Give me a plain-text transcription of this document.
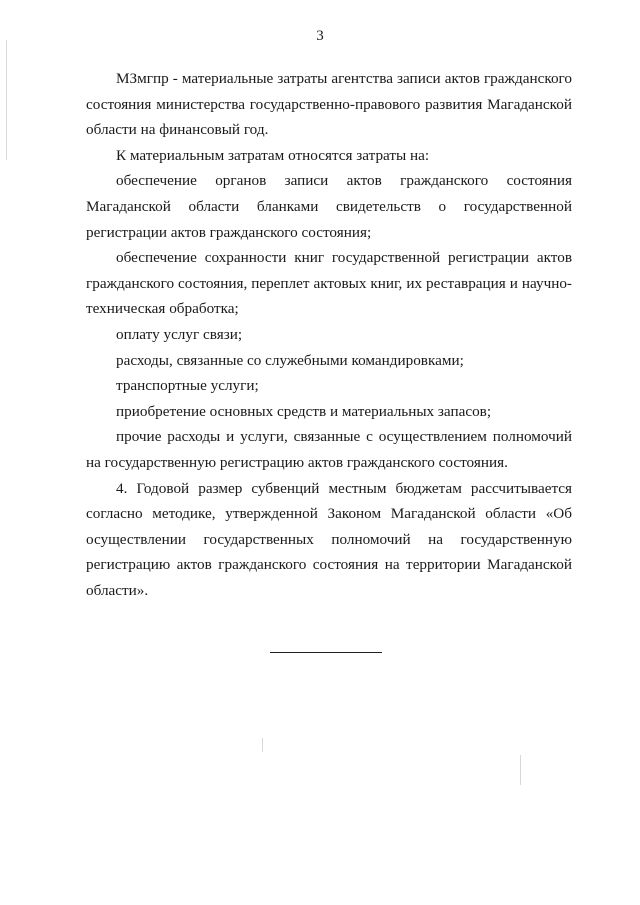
3

МЗмгпр - материальные затраты агентства записи актов гражданского состояния министерства государственно-правового развития Магаданской области на финансовый год.

К материальным затратам относятся затраты на:

обеспечение органов записи актов гражданского состояния Магаданской области бланками свидетельств о государственной регистрации актов гражданского состояния;

обеспечение сохранности книг государственной регистрации актов гражданского состояния, переплет актовых книг, их реставрация и научно-техническая обработка;

оплату услуг связи;

расходы, связанные со служебными командировками;

транспортные услуги;

приобретение основных средств и материальных запасов;

прочие расходы и услуги, связанные с осуществлением полномочий на государственную регистрацию актов гражданского состояния.

4. Годовой размер субвенций местным бюджетам рассчитывается согласно методике, утвержденной Законом Магаданской области «Об осуществлении государственных полномочий на государственную регистрацию актов гражданского состояния на территории Магаданской области».
